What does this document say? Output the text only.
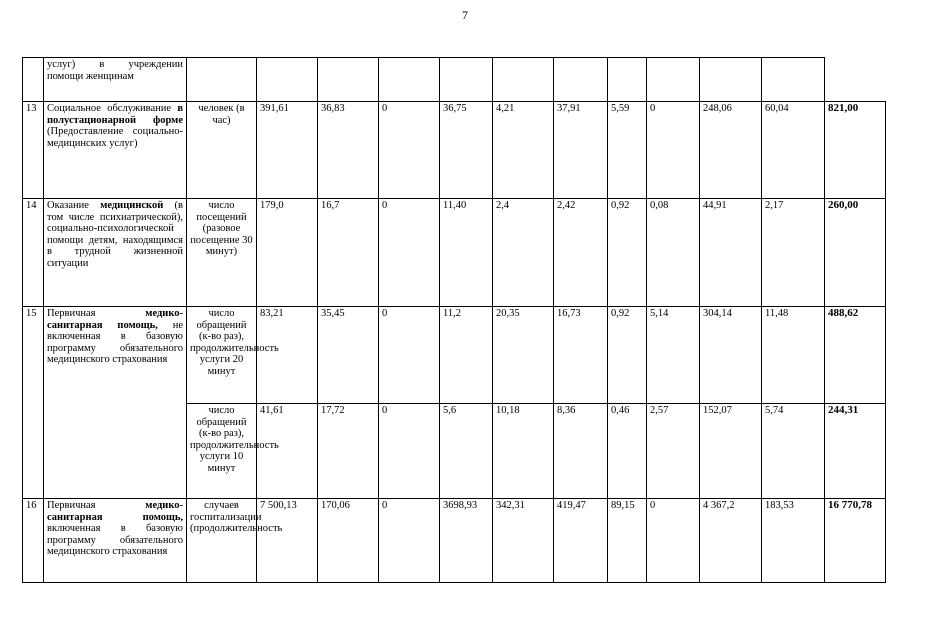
7

	услуг) в учреждении
помощи женщинам												
13	Социальное обслуживание в полустационарной форме (Предоставление социально-медицинских услуг)	человек (в час)	391,61	36,83	0	36,75	4,21	37,91	5,59	0	248,06	60,04	821,00
14	Оказание медицинской (в том числе психиатрической), социально-психологической помощи детям, находящимся в трудной жизненной ситуации	число посещений (разовое посещение 30 минут)	179,0	16,7	0	11,40	2,4	2,42	0,92	0,08	44,91	2,17	260,00
15	Первичная медико-санитарная помощь, не включенная в базовую программу обязательного медицинского страхования	число обращений (к-во раз), продолжительность услуги 20 минут	83,21	35,45	0	11,2	20,35	16,73	0,92	5,14	304,14	11,48	488,62
		число обращений (к-во раз), продолжительность услуги 10 минут	41,61	17,72	0	5,6	10,18	8,36	0,46	2,57	152,07	5,74	244,31
16	Первичная медико-санитарная помощь, включенная в базовую программу обязательного медицинского страхования	случаев госпитализации (продолжительность	7 500,13	170,06	0	3698,93	342,31	419,47	89,15	0	4 367,2	183,53	16 770,78
